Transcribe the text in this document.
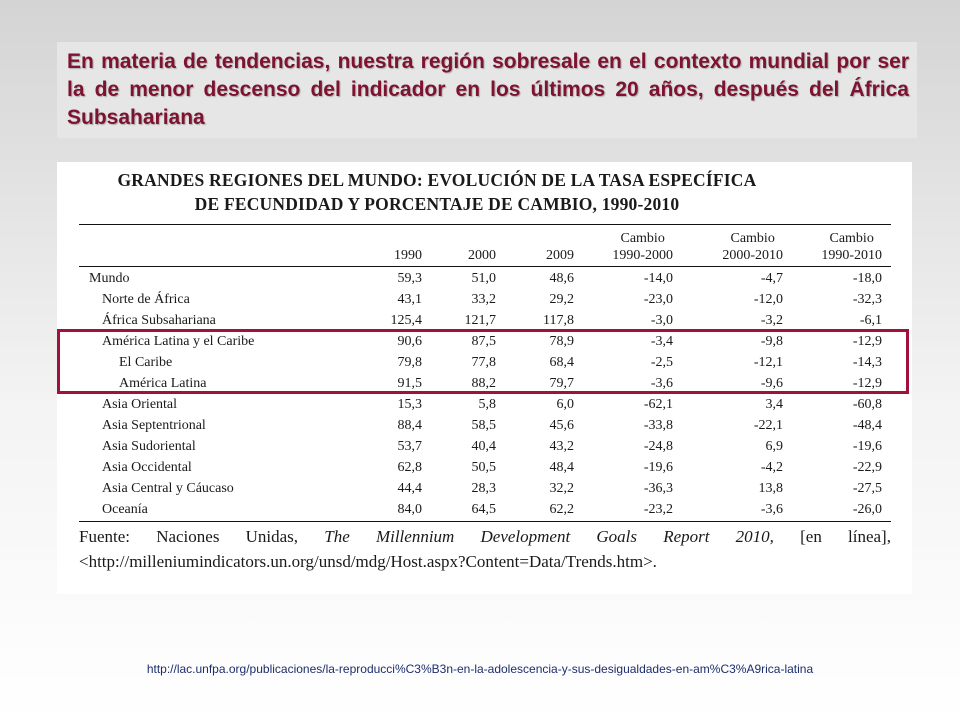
En materia de tendencias, nuestra región sobresale en el contexto mundial por ser la de menor descenso del indicador en los últimos 20 años, después del África Subsahariana
GRANDES REGIONES DEL MUNDO: EVOLUCIÓN DE LA TASA ESPECÍFICA
DE FECUNDIDAD Y PORCENTAJE DE CAMBIO, 1990-2010

1990	2000	2009
Cambio
1990-2000
Cambio
2000-2010
Cambio
1990-2010
Mundo	59,3	51,0	48,6	-14,0	-4,7	-18,0
Norte de África	43,1	33,2	29,2	-23,0	-12,0	-32,3
África Subsahariana	125,4	121,7	117,8	-3,0	-3,2	-6,1
América Latina y el Caribe	90,6	87,5	78,9	-3,4	-9,8	-12,9
El Caribe	79,8	77,8	68,4	-2,5	-12,1	-14,3
América Latina	91,5	88,2	79,7	-3,6	-9,6	-12,9
Asia Oriental	15,3	5,8	6,0	-62,1	3,4	-60,8
Asia Septentrional	88,4	58,5	45,6	-33,8	-22,1	-48,4
Asia Sudoriental	53,7	40,4	43,2	-24,8	6,9	-19,6
Asia Occidental	62,8	50,5	48,4	-19,6	-4,2	-22,9
Asia Central y Cáucaso	44,4	28,3	32,2	-36,3	13,8	-27,5
Oceanía	84,0	64,5	62,2	-23,2	-3,6	-26,0
Fuente: Naciones Unidas, The Millennium Development Goals Report 2010, [en línea],
<http://milleniumindicators.un.org/unsd/mdg/Host.aspx?Content=Data/Trends.htm>.
http://lac.unfpa.org/publicaciones/la-reproducci%C3%B3n-en-la-adolescencia-y-sus-desigualdades-en-am%C3%A9rica-latina
